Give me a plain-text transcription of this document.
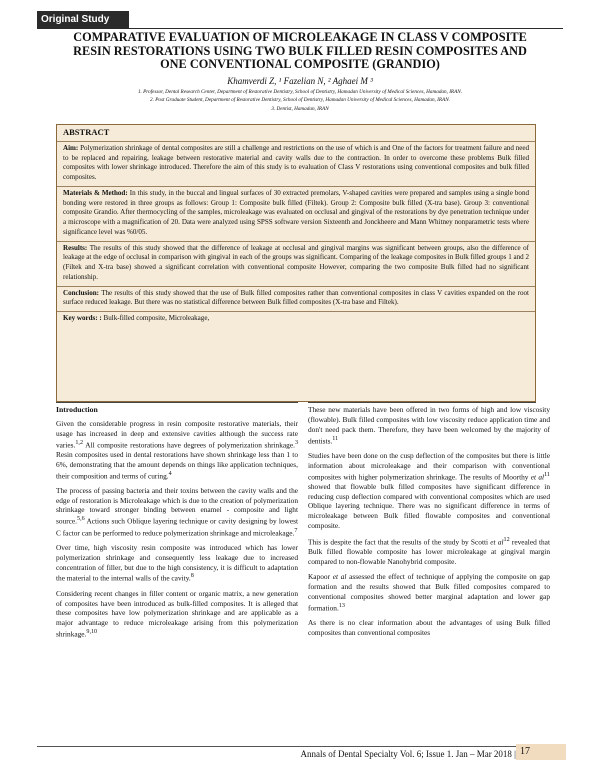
Original Study
COMPARATIVE EVALUATION OF MICROLEAKAGE IN CLASS V COMPOSITE
RESIN RESTORATIONS USING TWO BULK FILLED RESIN COMPOSITES AND
ONE CONVENTIONAL COMPOSITE (GRANDIO)
Khamverdi Z, ¹ Fazelian N, ² Aghaei M ³
1. Professor, Dental Research Center, Department of Restorative Dentistry, School of Dentistry, Hamadan University of Medical Sciences, Hamadan, IRAN.
2. Post Graduate Student, Department of Restorative Dentistry, School of Dentistry, Hamadan University of Medical Sciences, Hamadan, IRAN.
3. Dentist, Hamadan, IRAN
ABSTRACT

Aim: Polymerization shrinkage of dental composites are still a challenge and restrictions on the use of which is and One of the factors for treatment failure and need to be replaced and repairing, leakage between restorative material and cavity walls due to the contraction. In order to overcome these problems Bulk filled composites with lower shrinkage introduced. Therefore the aim of this study is to evaluation of Class V restorations using conventional composites and bulk filled composites.

Materials & Method: In this study, in the buccal and lingual surfaces of 30 extracted premolars, V-shaped cavities were prepared and samples using a single bond bonding were restored in three groups as follows: Group 1: Composite bulk filled (Filtek). Group 2: Composite bulk filled (X-tra base). Group 3: conventional composite Grandio. After thermocycling of the samples, microleakage was evaluated on occlusal and gingival of the restorations by dye penetration technique under a microscope with a magnification of 20. Data were analyzed using SPSS software version Sixteenth and Jonckheere and Mann Whitney nonparametric tests where significance level was %0/05.

Results: The results of this study showed that the difference of leakage at occlusal and gingival margins was significant between groups, also the difference of leakage at the edge of occlusal in comparison with gingival in each of the groups was significant. Comparing of the leakage composites in Bulk filled groups 1 and 2 (Filtek and X-tra base) showed a significant correlation with conventional composite However, comparing the two composite Bulk filled had no significant relationship.

Conclusion: The results of this study showed that the use of Bulk filled composites rather than conventional composites in class V cavities expanded on the root surface reduced leakage. But there was no statistical difference between Bulk filled composites (X-tra base and Filtek).

Key words: : Bulk-filled composite, Microleakage,

Introduction

Given the considerable progress in resin composite restorative materials, their usage has increased in deep and extensive cavities although the success rate varies.$^{1,2}$ All composite restorations have degrees of polymerization shrinkage.$^3$ Resin composites used in dental restorations have shown shrinkage less than 1 to 6%, demonstrating that the amount depends on things like application techniques, their composition and terms of curing.$^4$

The process of passing bacteria and their toxins between the cavity walls and the edge of restoration is Microleakage which is due to the creation of polymerization shrinkage toward stronger binding between enamel - composite and light source.$^{5,6}$ Actions such Oblique layering technique or cavity designing by lowest C factor can be performed to reduce polymerization shrinkage and microleakage.$^7$

Over time, high viscosity resin composite was introduced which has lower polymerization shrinkage and consequently less leakage due to increased concentration of filler, but due to the high consistency, it is difficult to adaptation the material to the internal walls of the cavity.$^8$

Considering recent changes in filler content or organic matrix, a new generation of composites have been introduced as bulk-filled composites. It is alleged that these composites have low polymerization shrinkage and are applicable as a major advantage to reduce microleakage arising from this polymerization shrinkage.$^{9,10}$

These new materials have been offered in two forms of high and low viscosity (flowable). Bulk filled composites with low viscosity reduce application time and don't need pack them. Therefore, they have been welcomed by the majority of dentists.$^{11}$

Studies have been done on the cusp deflection of the composites but there is little information about microleakage and their comparison with conventional composites with higher polymerization shrinkage. The results of Moorthy et $al^{11}$ showed that flowable bulk filled composites have significant difference in reducing cusp deflection compared with conventional composites which are used Oblique layering technique. There was no significant difference in terms of microleakage between Bulk filled flowable composites and conventional composite.

This is despite the fact that the results of the study by Scotti et $al^{12}$ revealed that Bulk filled flowable composite has lower microleakage at gingival margin compared to non-flowable Nanohybrid composite.

Kapoor et al assessed the effect of technique of applying the composite on gap formation and the results showed that Bulk filled composites compared to conventional composites showed better marginal adaptation and lower gap formation.$^{13}$

As there is no clear information about the advantages of using Bulk filled composites than conventional composites

Annals of Dental Specialty Vol. 6; Issue 1. Jan – Mar 2018 | 17
